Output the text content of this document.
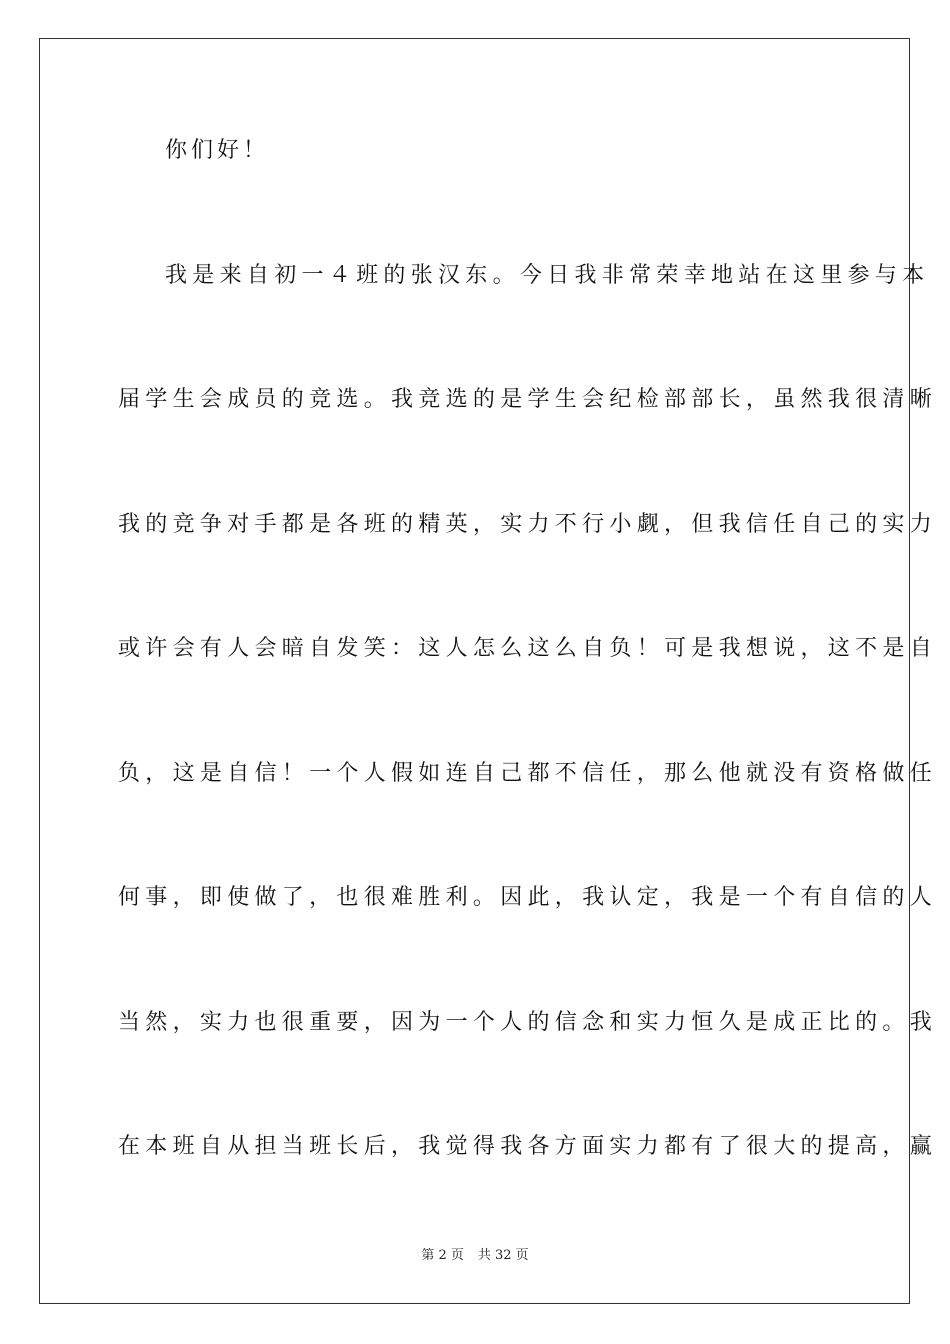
你们好！
我是来自初一４班的张汉东。今日我非常荣幸地站在这里参与本
届学生会成员的竞选。我竞选的是学生会纪检部部长，虽然我很清晰
我的竞争对手都是各班的精英，实力不行小觑，但我信任自己的实力
或许会有人会暗自发笑：这人怎么这么自负！可是我想说，这不是自
负，这是自信！一个人假如连自己都不信任，那么他就没有资格做任
何事，即使做了，也很难胜利。因此，我认定，我是一个有自信的人
当然，实力也很重要，因为一个人的信念和实力恒久是成正比的。我
在本班自从担当班长后，我觉得我各方面实力都有了很大的提高，赢
第 2 页 共 32 页
